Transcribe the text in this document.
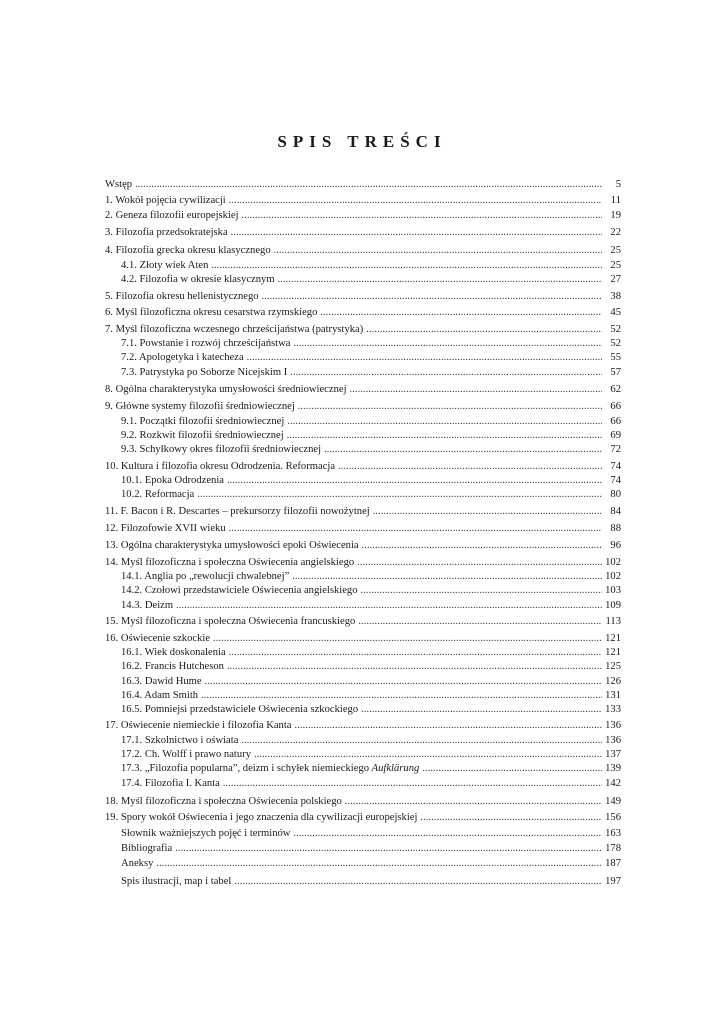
SPIS TREŚCI
Wstęp .....	5
1. Wokół pojęcia cywilizacji .....	11
2. Geneza filozofii europejskiej .....	19
3. Filozofia przedsokratejska .....	22
4. Filozofia grecka okresu klasycznego .....	25
4.1. Złoty wiek Aten .....	25
4.2. Filozofia w okresie klasycznym .....	27
5. Filozofia okresu hellenistycznego .....	38
6. Myśl filozoficzna okresu cesarstwa rzymskiego .....	45
7. Myśl filozoficzna wczesnego chrześcijaństwa (patrystyka) .....	52
7.1. Powstanie i rozwój chrześcijaństwa .....	52
7.2. Apologetyka i katecheza .....	55
7.3. Patrystyka po Soborze Nicejskim I .....	57
8. Ogólna charakterystyka umysłowości średniowiecznej .....	62
9. Główne systemy filozofii średniowiecznej .....	66
9.1. Początki filozofii średniowiecznej .....	66
9.2. Rozkwit filozofii średniowiecznej .....	69
9.3. Schyłkowy okres filozofii średniowiecznej .....	72
10. Kultura i filozofia okresu Odrodzenia. Reformacja .....	74
10.1. Epoka Odrodzenia .....	74
10.2. Reformacja .....	80
11. F. Bacon i R. Descartes – prekursorzy filozofii nowożytnej .....	84
12. Filozofowie XVII wieku .....	88
13. Ogólna charakterystyka umysłowości epoki Oświecenia .....	96
14. Myśl filozoficzna i społeczna Oświecenia angielskiego .....	102
14.1. Anglia po „rewolucji chwalebnej” .....	102
14.2. Czołowi przedstawiciele Oświecenia angielskiego .....	103
14.3. Deizm .....	109
15. Myśl filozoficzna i społeczna Oświecenia francuskiego .....	113
16. Oświecenie szkockie .....	121
16.1. Wiek doskonalenia .....	121
16.2. Francis Hutcheson .....	125
16.3. Dawid Hume .....	126
16.4. Adam Smith .....	131
16.5. Pomniejsi przedstawiciele Oświecenia szkockiego .....	133
17. Oświecenie niemieckie i filozofia Kanta .....	136
17.1. Szkolnictwo i oświata .....	136
17.2. Ch. Wolff i prawo natury .....	137
17.3. „Filozofia popularna”, deizm i schyłek niemieckiego Aufklärung .....	139
17.4. Filozofia I. Kanta .....	142
18. Myśl filozoficzna i społeczna Oświecenia polskiego .....	149
19. Spory wokół Oświecenia i jego znaczenia dla cywilizacji europejskiej .....	156
Słownik ważniejszych pojęć i terminów .....	163
Bibliografia .....	178
Aneksy .....	187
Spis ilustracji, map i tabel .....	197
